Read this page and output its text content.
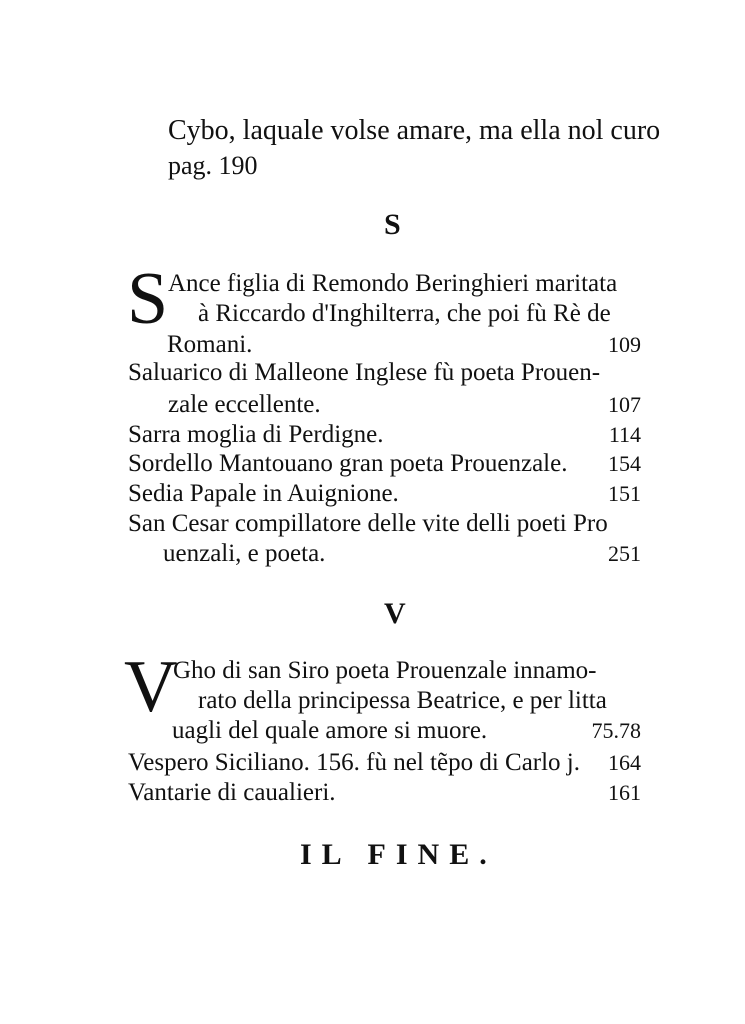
Cybo, laquale volse amare, ma ella nol curo
pag. 190
S
S Ance figlia di Remondo Beringhieri maritata
à Riccardo d'Inghilterra, che poi fù Rè de
Romani.	109
Saluarico di Malleone Inglese fù poeta Prouen-
zale eccellente.	107
Sarra moglia di Perdigne.	114
Sordello Mantouano gran poeta Prouenzale. 154
Sedia Papale in Auignione.	151
San Cesar compillatore delle vite delli poeti Pro
uenzali, e poeta.	251
V
V
Gho di san Siro poeta Prouenzale innamo-
rato della principessa Beatrice, e per litta
uagli del quale amore si muore.	75.78
Vespero Siciliano. 156. fù nel tẽpo di Carlo j. 164
Vantarie di caualieri.	161
IL FINE.
